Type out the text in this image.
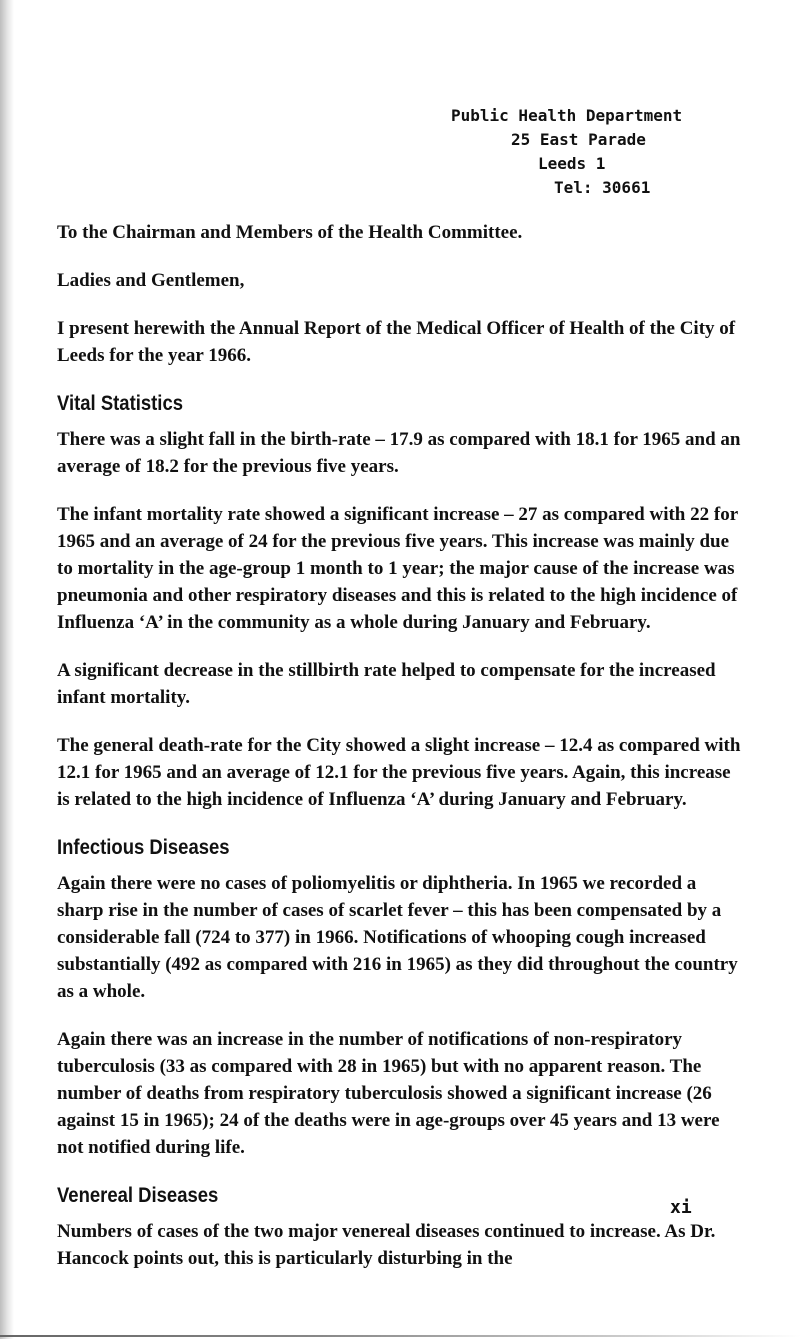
Public Health Department
25 East Parade
Leeds 1
Tel: 30661

To the Chairman and Members of the Health Committee.

Ladies and Gentlemen,

I present herewith the Annual Report of the Medical Officer of Health of the City of Leeds for the year 1966.

Vital Statistics

There was a slight fall in the birth-rate – 17.9 as compared with 18.1 for 1965 and an average of 18.2 for the previous five years.

The infant mortality rate showed a significant increase – 27 as compared with 22 for 1965 and an average of 24 for the previous five years. This increase was mainly due to mortality in the age-group 1 month to 1 year; the major cause of the increase was pneumonia and other respiratory diseases and this is related to the high incidence of Influenza ‘A’ in the community as a whole during January and February.

A significant decrease in the stillbirth rate helped to compensate for the increased infant mortality.

The general death-rate for the City showed a slight increase – 12.4 as compared with 12.1 for 1965 and an average of 12.1 for the previous five years. Again, this increase is related to the high incidence of Influenza ‘A’ during January and February.

Infectious Diseases

Again there were no cases of poliomyelitis or diphtheria. In 1965 we recorded a sharp rise in the number of cases of scarlet fever – this has been compensated by a considerable fall (724 to 377) in 1966. Notifications of whooping cough increased substantially (492 as compared with 216 in 1965) as they did throughout the country as a whole.

Again there was an increase in the number of notifications of non-respiratory tuberculosis (33 as compared with 28 in 1965) but with no apparent reason. The number of deaths from respiratory tuberculosis showed a significant increase (26 against 15 in 1965); 24 of the deaths were in age-groups over 45 years and 13 were not notified during life.

Venereal Diseases

Numbers of cases of the two major venereal diseases continued to increase. As Dr. Hancock points out, this is particularly disturbing in the

xi
